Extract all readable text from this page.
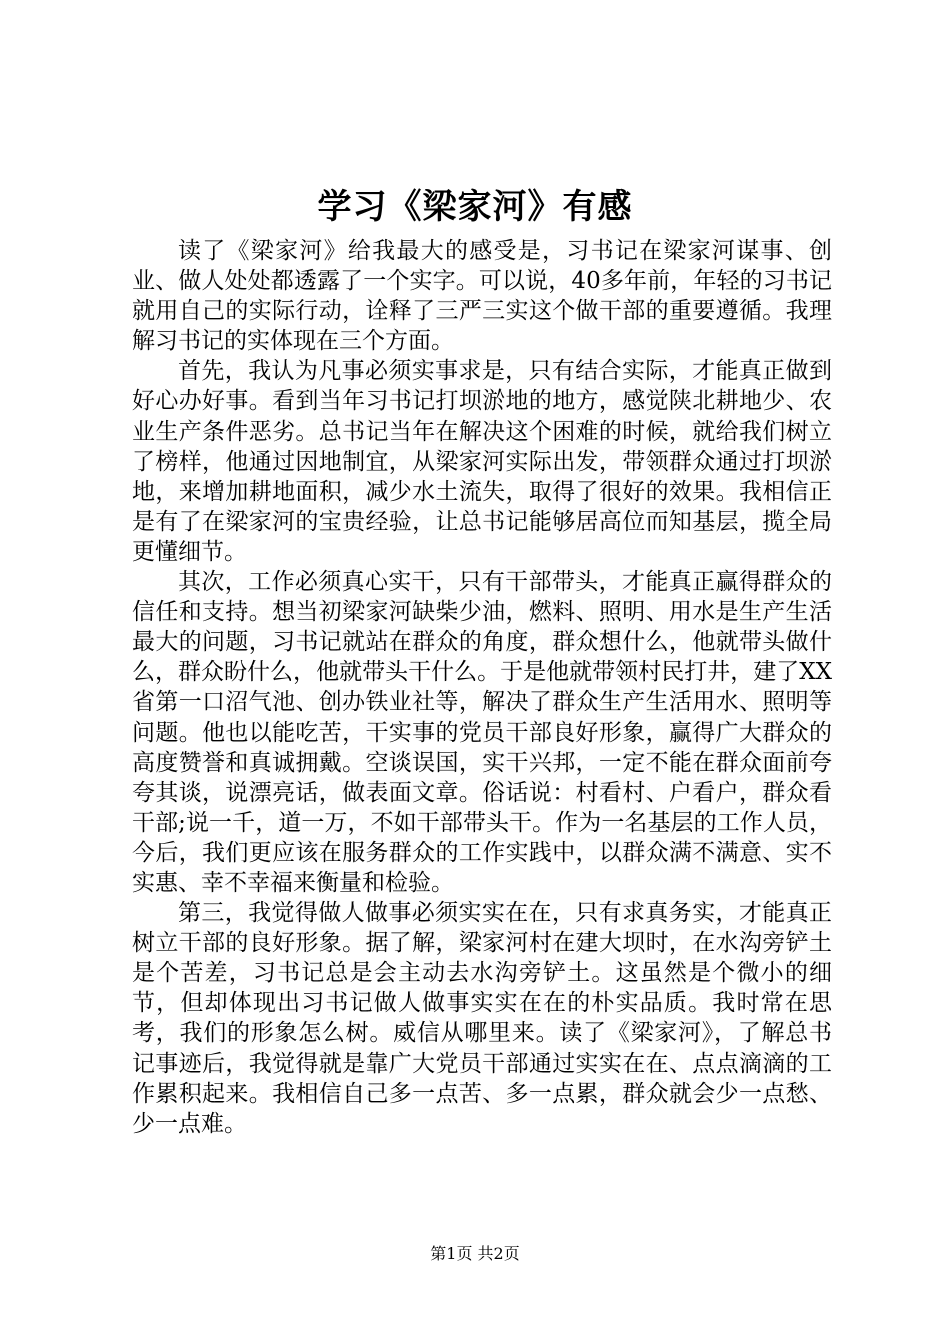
学习《梁家河》有感

读了《梁家河》给我最大的感受是，习书记在梁家河谋事、创业、做人处处都透露了一个实字。可以说，40多年前，年轻的习书记就用自己的实际行动，诠释了三严三实这个做干部的重要遵循。我理解习书记的实体现在三个方面。

首先，我认为凡事必须实事求是，只有结合实际，才能真正做到好心办好事。看到当年习书记打坝淤地的地方，感觉陕北耕地少、农业生产条件恶劣。总书记当年在解决这个困难的时候，就给我们树立了榜样，他通过因地制宜，从梁家河实际出发，带领群众通过打坝淤地，来增加耕地面积，减少水土流失，取得了很好的效果。我相信正是有了在梁家河的宝贵经验，让总书记能够居高位而知基层，揽全局更懂细节。

其次，工作必须真心实干，只有干部带头，才能真正赢得群众的信任和支持。想当初梁家河缺柴少油，燃料、照明、用水是生产生活最大的问题，习书记就站在群众的角度，群众想什么，他就带头做什么，群众盼什么，他就带头干什么。于是他就带领村民打井，建了XX省第一口沼气池、创办铁业社等，解决了群众生产生活用水、照明等问题。他也以能吃苦，干实事的党员干部良好形象，赢得广大群众的高度赞誉和真诚拥戴。空谈误国，实干兴邦，一定不能在群众面前夸夸其谈，说漂亮话，做表面文章。俗话说：村看村、户看户，群众看干部;说一千，道一万，不如干部带头干。作为一名基层的工作人员，今后，我们更应该在服务群众的工作实践中，以群众满不满意、实不实惠、幸不幸福来衡量和检验。

第三，我觉得做人做事必须实实在在，只有求真务实，才能真正树立干部的良好形象。据了解，梁家河村在建大坝时，在水沟旁铲土是个苦差，习书记总是会主动去水沟旁铲土。这虽然是个微小的细节，但却体现出习书记做人做事实实在在的朴实品质。我时常在思考，我们的形象怎么树。威信从哪里来。读了《梁家河》，了解总书记事迹后，我觉得就是靠广大党员干部通过实实在在、点点滴滴的工作累积起来。我相信自己多一点苦、多一点累，群众就会少一点愁、少一点难。

第1页 共2页
